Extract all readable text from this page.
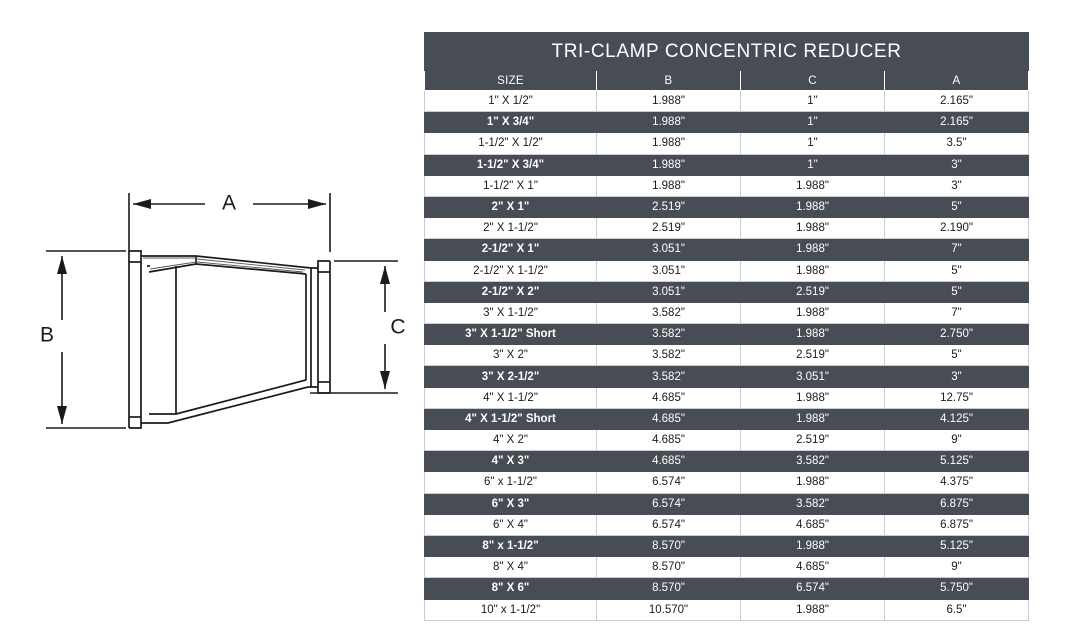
A
B	C
TRI-CLAMP CONCENTRIC REDUCER			
SIZE	B	C	A
1" X 1/2"	1.988"	1"	2.165"
1" X 3/4"	1.988"	1"	2.165"
1-1/2" X 1/2"	1.988"	1"	3.5"
1-1/2" X 3/4"	1.988"	1"	3"
1-1/2" X 1"	1.988"	1.988"	3"
2" X 1"	2.519"	1.988"	5"
2" X 1-1/2"	2.519"	1.988"	2.190"
2-1/2" X 1"	3.051"	1.988"	7"
2-1/2" X 1-1/2"	3.051"	1.988"	5"
2-1/2" X 2"	3.051"	2.519"	5"
3" X 1-1/2"	3.582"	1.988"	7"
3" X 1-1/2" Short	3.582"	1.988"	2.750"
3" X 2"	3.582"	2.519"	5"
3" X 2-1/2"	3.582"	3.051"	3"
4" X 1-1/2"	4.685"	1.988"	12.75"
4" X 1-1/2" Short	4.685"	1.988"	4.125"
4" X 2"	4.685"	2.519"	9"
4" X 3"	4.685"	3.582"	5.125"
6" x 1-1/2"	6.574"	1.988"	4.375"
6" X 3"	6.574"	3.582"	6.875"
6" X 4"	6.574"	4.685"	6.875"
8" x 1-1/2"	8.570"	1.988"	5.125"
8" X 4"	8.570"	4.685"	9"
8" X 6"	8.570"	6.574"	5.750"
10" x 1-1/2"	10.570"	1.988"	6.5"
